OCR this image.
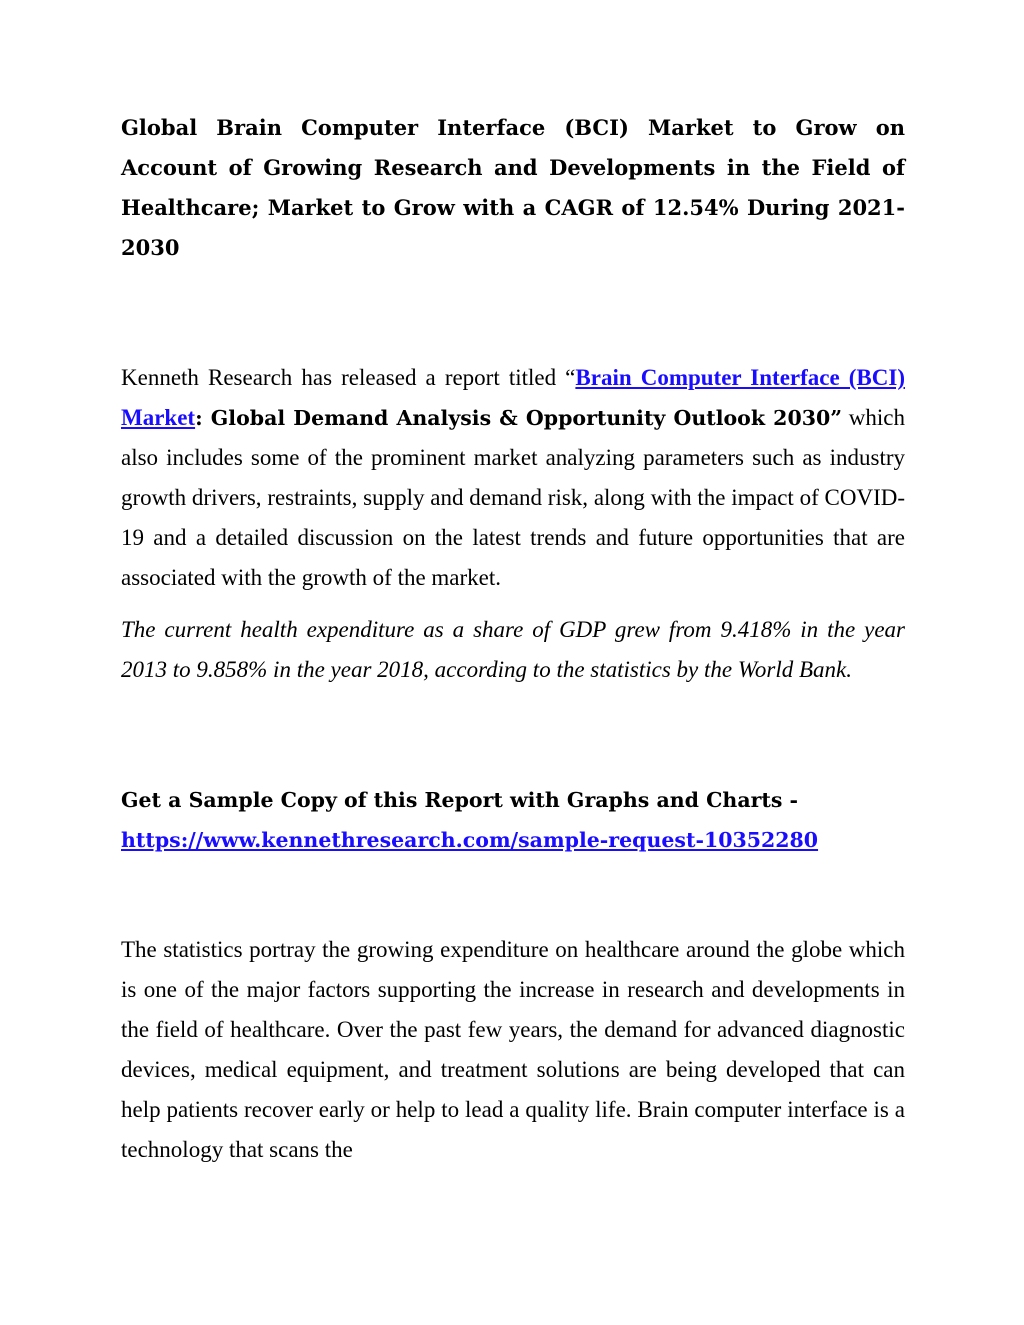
Global Brain Computer Interface (BCI) Market to Grow on Account of Growing Research and Developments in the Field of Healthcare; Market to Grow with a CAGR of 12.54% During 2021-2030

Kenneth Research has released a report titled “Brain Computer Interface (BCI) Market: Global Demand Analysis & Opportunity Outlook 2030” which also includes some of the prominent market analyzing parameters such as industry growth drivers, restraints, supply and demand risk, along with the impact of COVID-19 and a detailed discussion on the latest trends and future opportunities that are associated with the growth of the market.

The current health expenditure as a share of GDP grew from 9.418% in the year 2013 to 9.858% in the year 2018, according to the statistics by the World Bank.

Get a Sample Copy of this Report with Graphs and Charts -
https://www.kennethresearch.com/sample-request-10352280

The statistics portray the growing expenditure on healthcare around the globe which is one of the major factors supporting the increase in research and developments in the field of healthcare. Over the past few years, the demand for advanced diagnostic devices, medical equipment, and treatment solutions are being developed that can help patients recover early or help to lead a quality life. Brain computer interface is a technology that scans the
